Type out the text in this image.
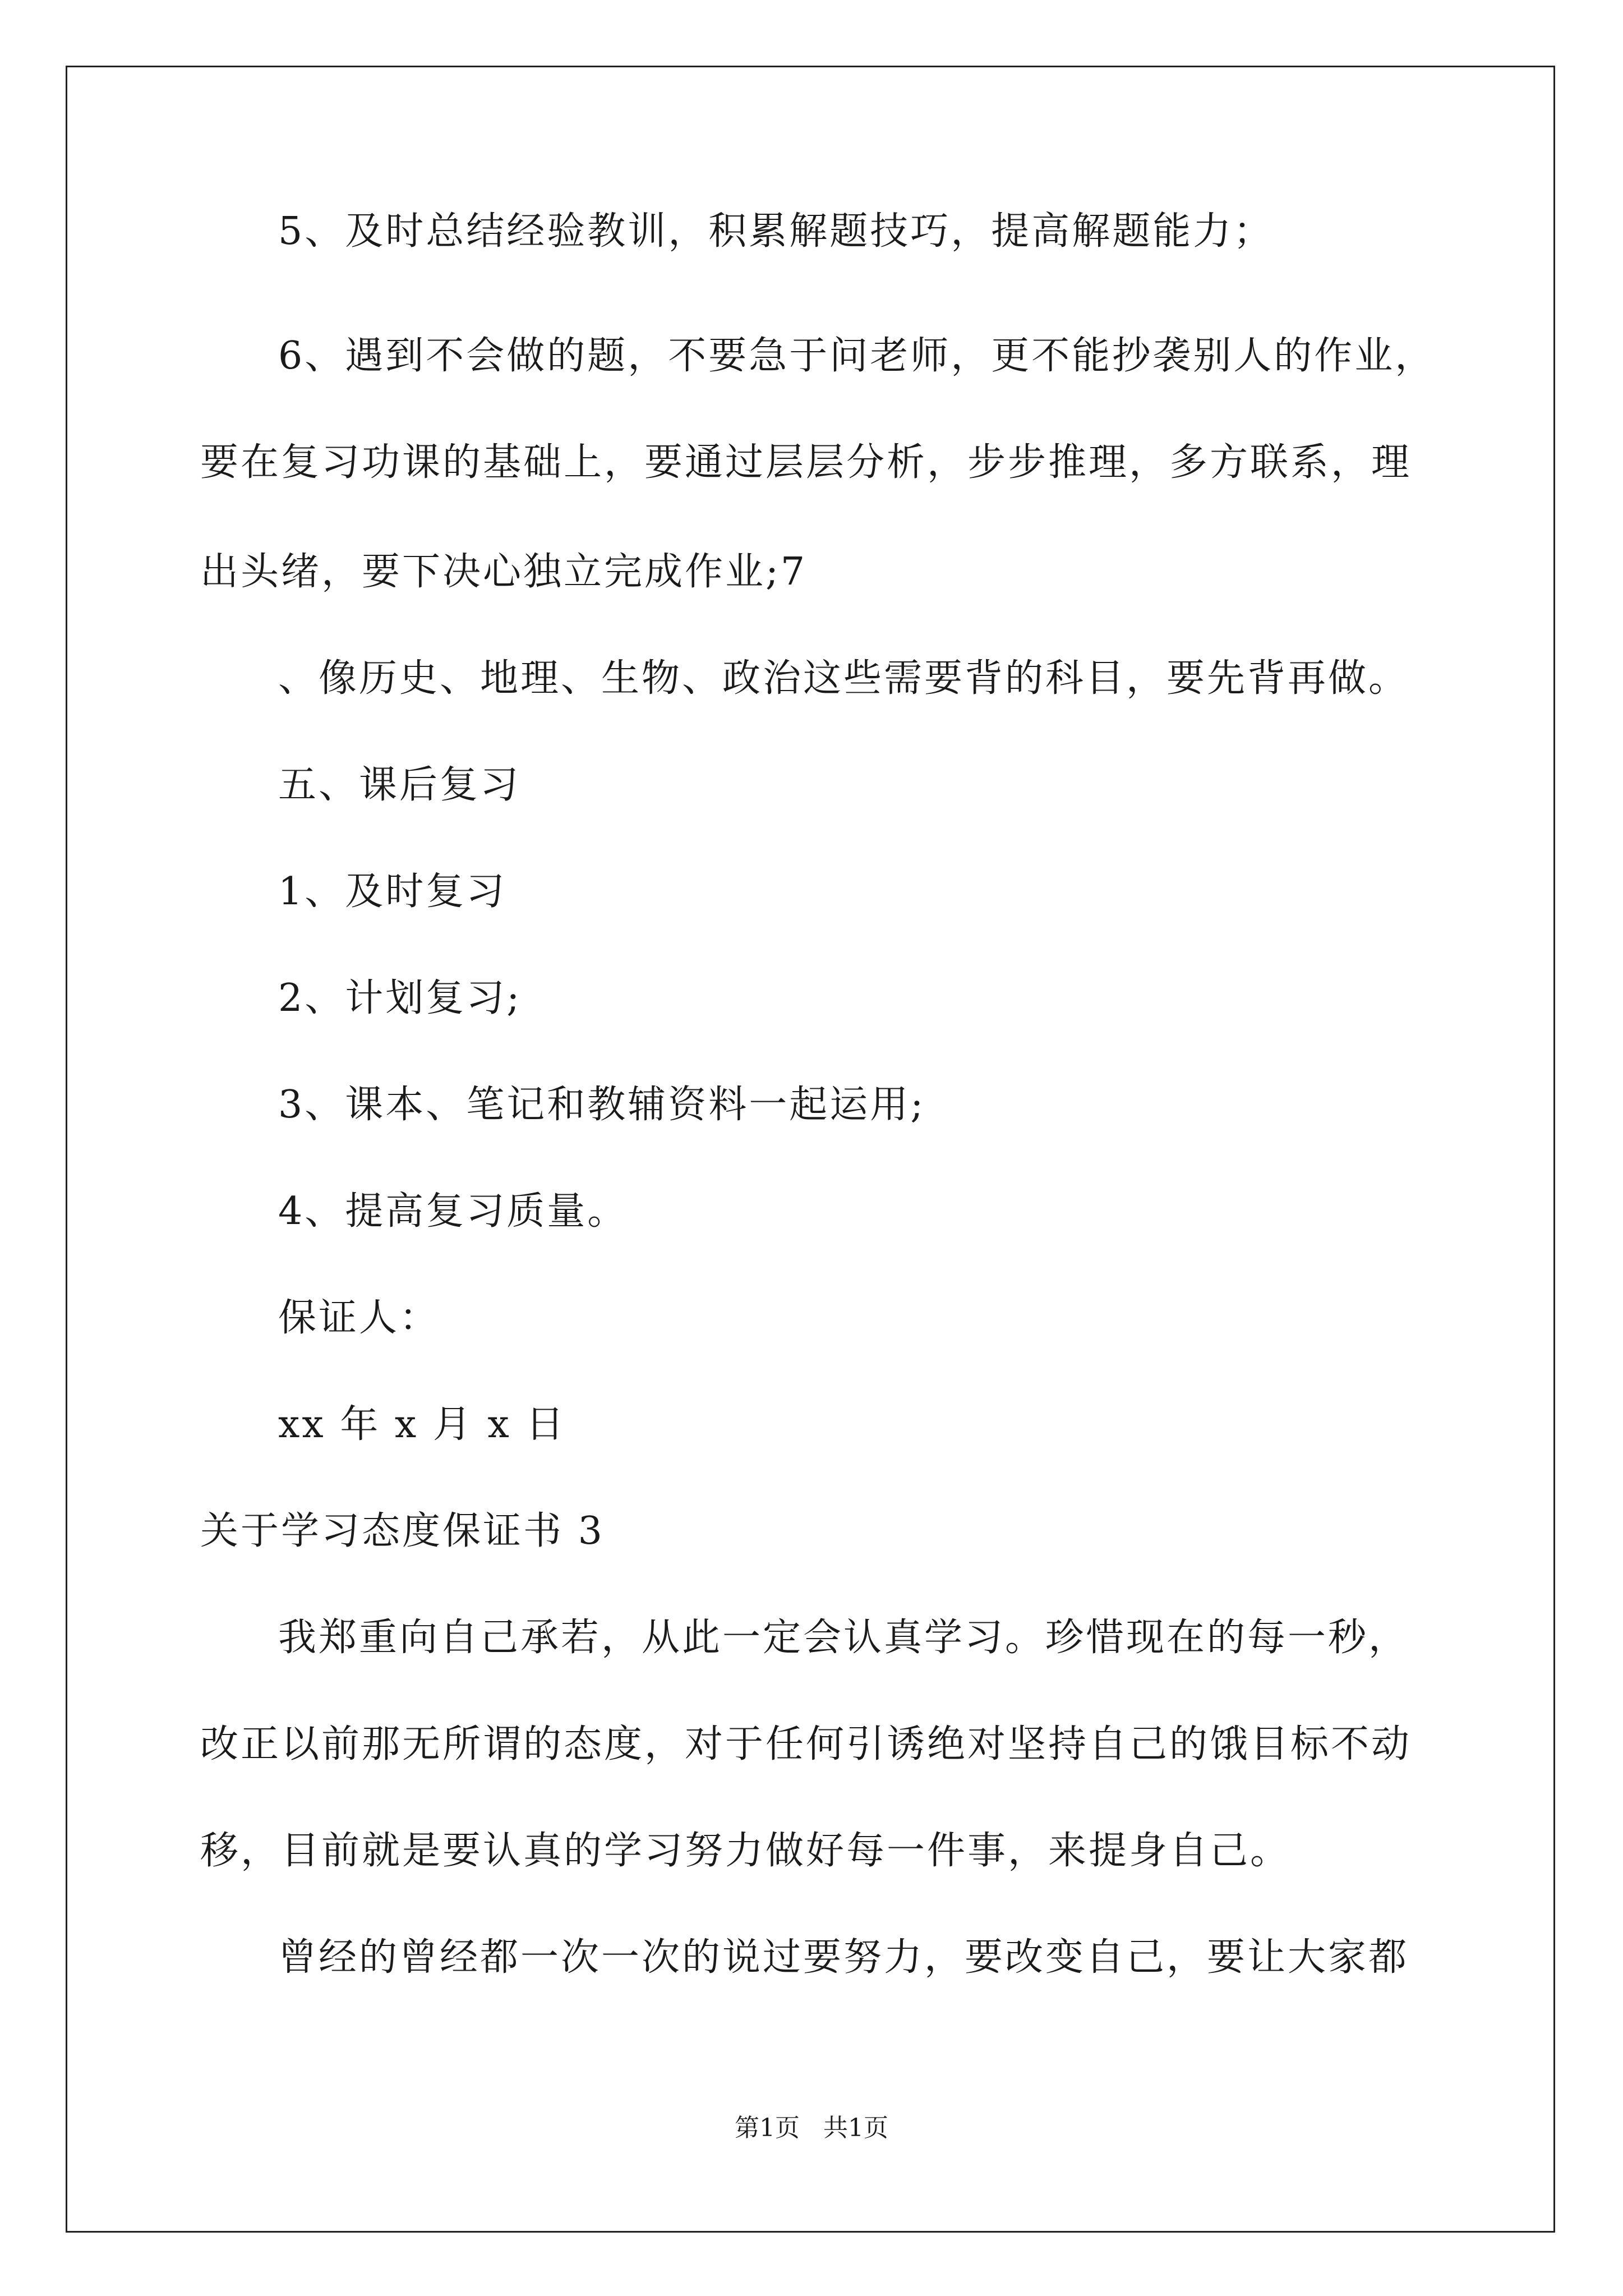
5、及时总结经验教训，积累解题技巧，提高解题能力；
6、遇到不会做的题，不要急于问老师，更不能抄袭别人的作业，
要在复习功课的基础上，要通过层层分析，步步推理，多方联系，理
出头绪，要下决心独立完成作业;7
、像历史、地理、生物、政治这些需要背的科目，要先背再做。
五、课后复习
1、及时复习
2、计划复习;
3、课本、笔记和教辅资料一起运用;
4、提高复习质量。
保证人：
xx 年 x 月 x 日
关于学习态度保证书 3
我郑重向自己承若，从此一定会认真学习。珍惜现在的每一秒，
改正以前那无所谓的态度，对于任何引诱绝对坚持自己的饿目标不动
移，目前就是要认真的学习努力做好每一件事，来提身自己。
曾经的曾经都一次一次的说过要努力，要改变自己，要让大家都
第1页   共1页
